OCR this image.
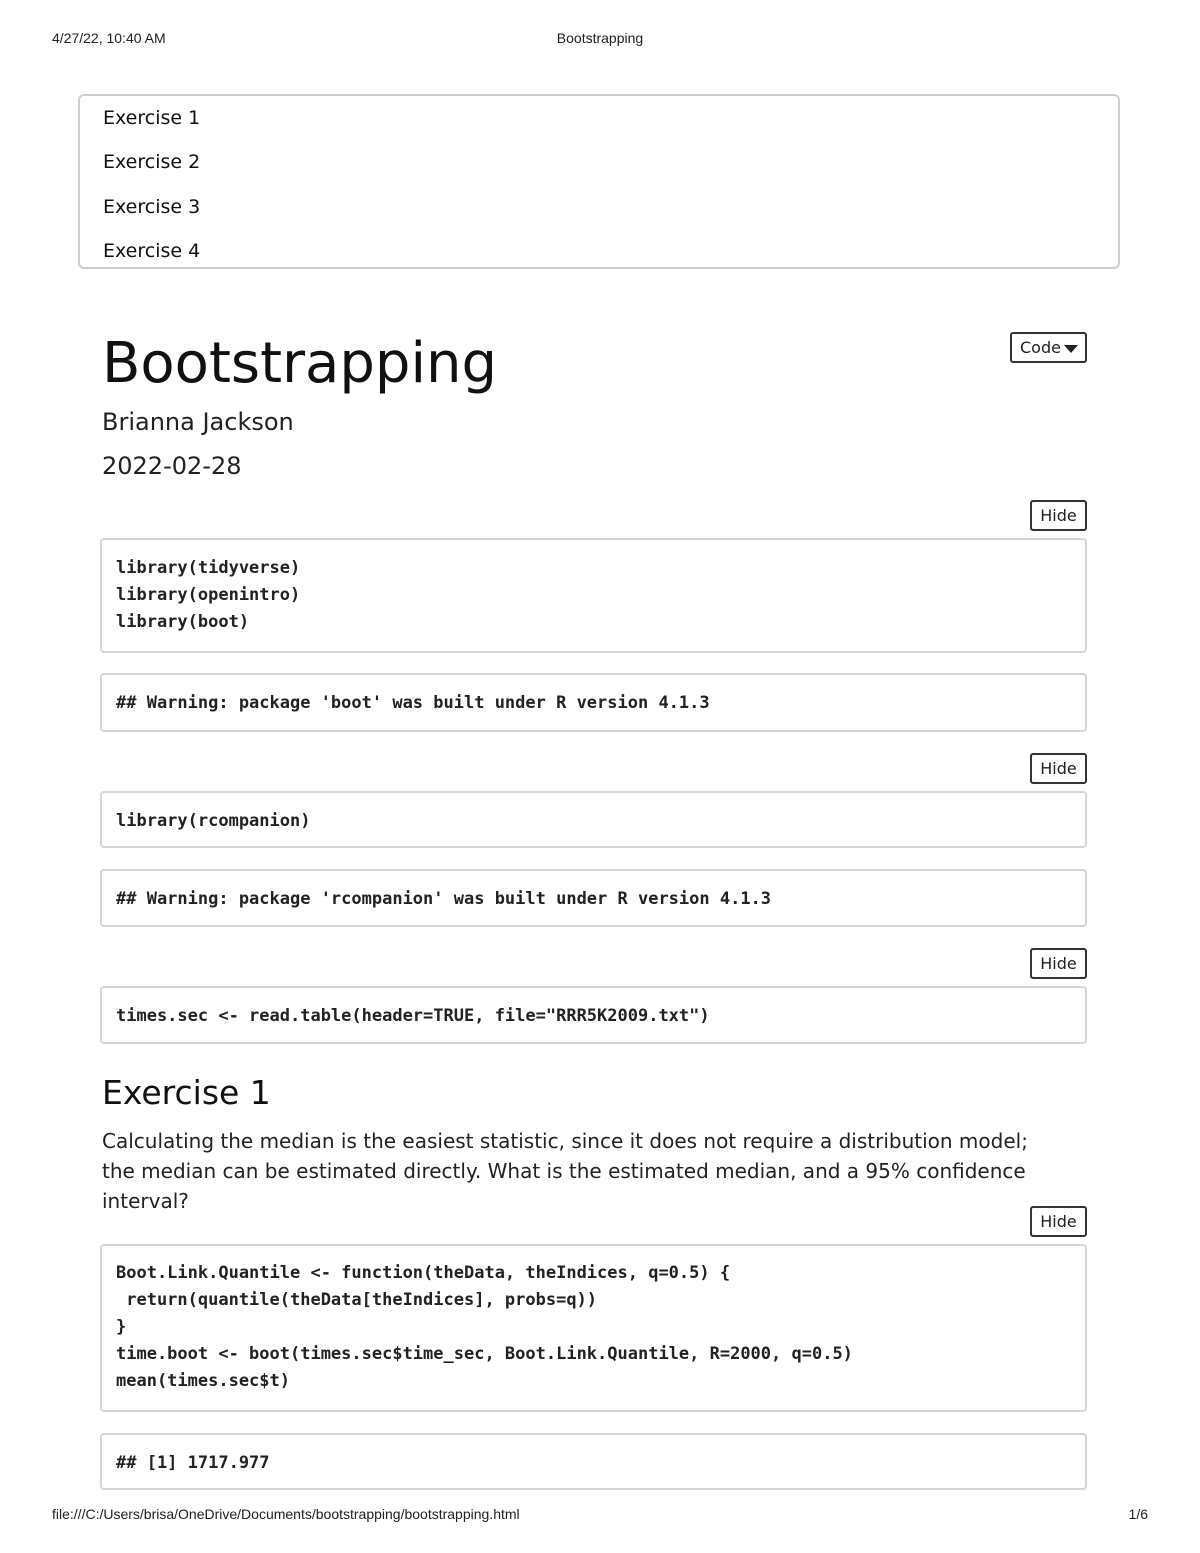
4/27/22, 10:40 AM	Bootstrapping
Exercise 1
Exercise 2
Exercise 3
Exercise 4
Bootstrapping
Brianna Jackson
2022-02-28
Code
Hide
library(tidyverse)
library(openintro)
library(boot)
## Warning: package 'boot' was built under R version 4.1.3
Hide
library(rcompanion)
## Warning: package 'rcompanion' was built under R version 4.1.3
Hide
times.sec <- read.table(header=TRUE, file="RRR5K2009.txt")
Exercise 1

Calculating the median is the easiest statistic, since it does not require a distribution model; the median can be estimated directly. What is the estimated median, and a 95% confidence interval?

Hide
Boot.Link.Quantile <- function(theData, theIndices, q=0.5) {
return(quantile(theData[theIndices], probs=q))
}
time.boot <- boot(times.sec$time_sec, Boot.Link.Quantile, R=2000, q=0.5)
mean(times.sec$t)
## [1] 1717.977
file:///C:/Users/brisa/OneDrive/Documents/bootstrapping/bootstrapping.html	1/6
